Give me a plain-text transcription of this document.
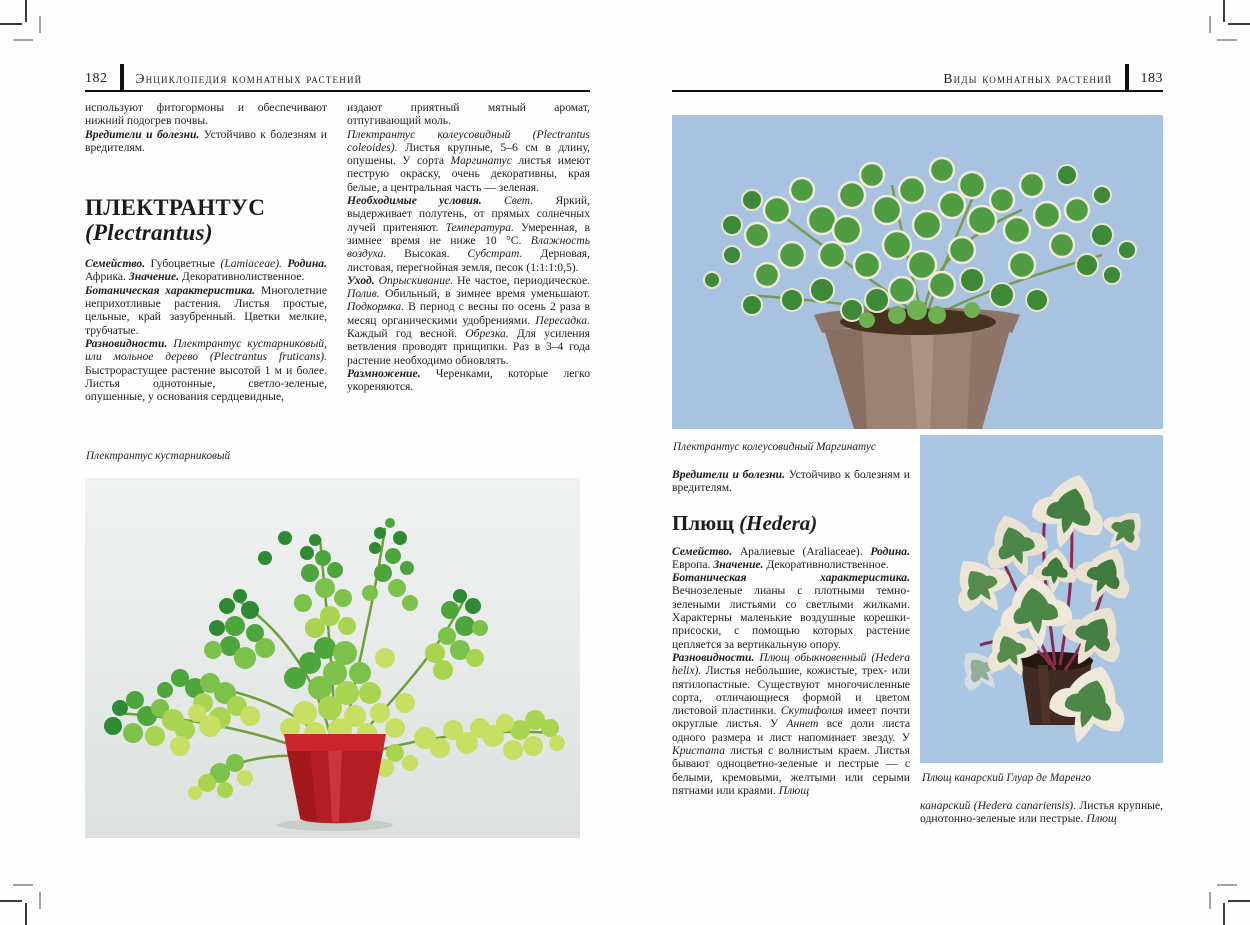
182 Энциклопедия комнатных растений

используют фитогормоны и обеспечивают нижний подогрев почвы.

Вредители и болезни. Устойчиво к болезням и вредителям.

ПЛЕКТРАНТУС
(Plectrantus)

Семейство. Губоцветные (Lamiaceae). Родина. Африка. Значение. Декоративнолиственное.

Ботаническая характеристика. Многолетние неприхотливые растения. Листья простые, цельные, край зазубренный. Цветки мелкие, трубчатые.

Разновидности. Плектрантус кустарниковый, или мольное дерево (Plectrantus fruticans). Быстрорастущее растение высотой 1 м и более. Листья однотонные, светло-зеленые, опушенные, у основания сердцевидные,

издают приятный мятный аромат, отпугивающий моль.

Плектрантус колеусовидный (Plectrantus coleoides). Листья крупные, 5–6 см в длину, опушены. У сорта Маргинатус листья имеют пеструю окраску, очень декоративны, края белые, а центральная часть — зеленая.

Необходимые условия. Свет. Яркий, выдерживает полутень, от прямых солнечных лучей притеняют. Температура. Умеренная, в зимнее время не ниже 10 °С. Влажность воздуха. Высокая. Субстрат. Дерновая, листовая, перегнойная земля, песок (1:1:1:0,5).

Уход. Опрыскивание. Не частое, периодическое. Полив. Обильный, в зимнее время уменьшают. Подкормка. В период с весны по осень 2 раза в месяц органическими удобрениями. Пересадка. Каждый год весной. Обрезка. Для усиления ветвления проводят прищипки. Раз в 3–4 года растение необходимо обновлять.

Размножение. Черенками, которые легко укореняются.

Плектрантус кустарниковый
Виды комнатных растений 183
Плектрантус колеусовидный Маргинатус

Вредители и болезни. Устойчиво к болезням и вредителям.

Плющ (Hedera)

Семейство. Аралиевые (Araliaceae). Родина. Европа. Значение. Декоративнолиственное.

Ботаническая характеристика. Вечнозеленые лианы с плотными темно-зелеными листьями со светлыми жилками. Характерны маленькие воздушные корешки-присоски, с помощью которых растение цепляется за вертикальную опору.

Разновидности. Плющ обыкновенный (Hedera helix). Листья небольшие, кожистые, трех- или пятилопастные. Существуют многочисленные сорта, отличающиеся формой и цветом листовой пластинки. Скутифолия имеет почти округлые листья. У Аннет все доли листа одного размера и лист напоминает звезду. У Кристата листья с волнистым краем. Листья бывают одноцветно-зеленые и пестрые — с белыми, кремовыми, желтыми или серыми пятнами или краями. Плющ

Плющ канарский Глуар де Маренго

канарский (Hedera canariensis). Листья крупные, однотонно-зеленые или пестрые. Плющ
